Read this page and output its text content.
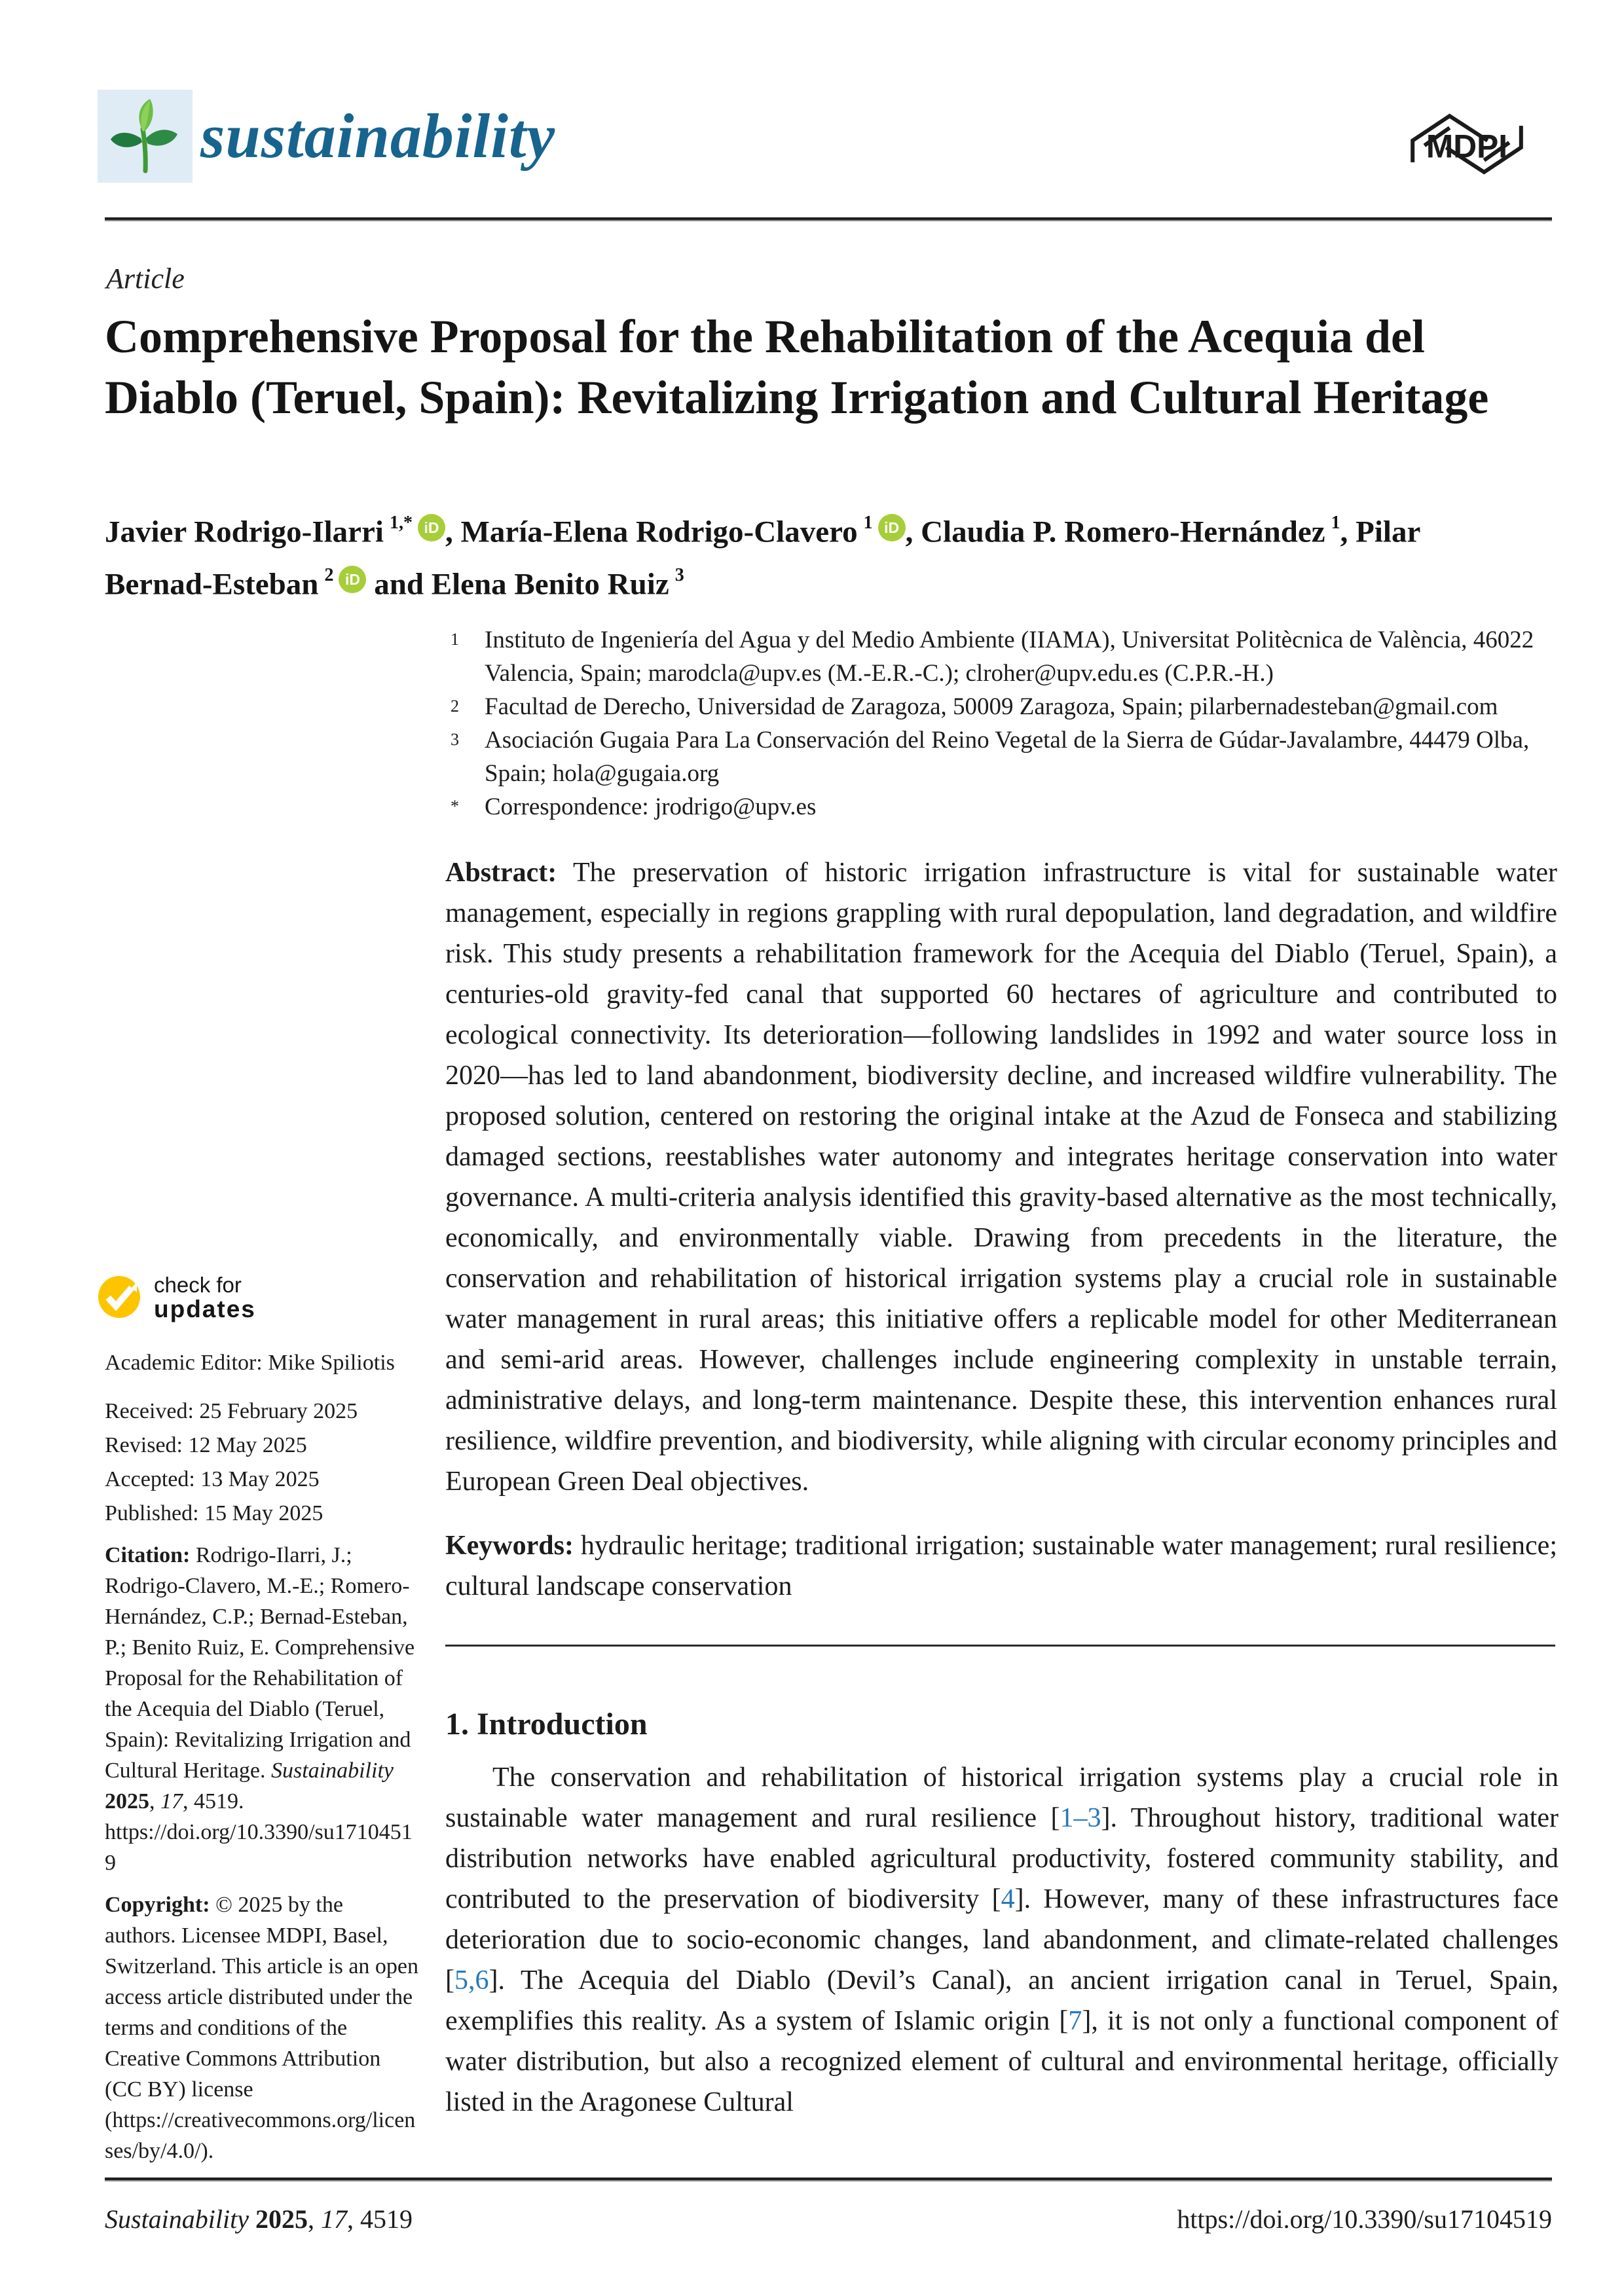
sustainability	MDPI
Article
Comprehensive Proposal for the Rehabilitation of the Acequia del Diablo (Teruel, Spain): Revitalizing Irrigation and Cultural Heritage
Javier Rodrigo-Ilarri $^{1,*}$ iD , María-Elena Rodrigo-Clavero $^1$ iD , Claudia P. Romero-Hernández $^1$, Pilar Bernad-Esteban $^2$ iD and Elena Benito Ruiz $^3$
1	Instituto de Ingeniería del Agua y del Medio Ambiente (IIAMA), Universitat Politècnica de València, 46022 Valencia, Spain; marodcla@upv.es (M.-E.R.-C.); clroher@upv.edu.es (C.P.R.-H.)
2	Facultad de Derecho, Universidad de Zaragoza, 50009 Zaragoza, Spain; pilarbernadesteban@gmail.com
3	Asociación Gugaia Para La Conservación del Reino Vegetal de la Sierra de Gúdar-Javalambre, 44479 Olba, Spain; hola@gugaia.org
*	Correspondence: jrodrigo@upv.es
Abstract: The preservation of historic irrigation infrastructure is vital for sustainable water management, especially in regions grappling with rural depopulation, land degradation, and wildfire risk. This study presents a rehabilitation framework for the Acequia del Diablo (Teruel, Spain), a centuries-old gravity-fed canal that supported 60 hectares of agriculture and contributed to ecological connectivity. Its deterioration—following landslides in 1992 and water source loss in 2020—has led to land abandonment, biodiversity decline, and increased wildfire vulnerability. The proposed solution, centered on restoring the original intake at the Azud de Fonseca and stabilizing damaged sections, reestablishes water autonomy and integrates heritage conservation into water governance. A multi-criteria analysis identified this gravity-based alternative as the most technically, economically, and environmentally viable. Drawing from precedents in the literature, the conservation and rehabilitation of historical irrigation systems play a crucial role in sustainable water management in rural areas; this initiative offers a replicable model for other Mediterranean and semi-arid areas. However, challenges include engineering complexity in unstable terrain, administrative delays, and long-term maintenance. Despite these, this intervention enhances rural resilience, wildfire prevention, and biodiversity, while aligning with circular economy principles and European Green Deal objectives.
Keywords: hydraulic heritage; traditional irrigation; sustainable water management; rural resilience; cultural landscape conservation
1. Introduction
The conservation and rehabilitation of historical irrigation systems play a crucial role in sustainable water management and rural resilience [1–3]. Throughout history, traditional water distribution networks have enabled agricultural productivity, fostered community stability, and contributed to the preservation of biodiversity [4]. However, many of these infrastructures face deterioration due to socio-economic changes, land abandonment, and climate-related challenges [5,6]. The Acequia del Diablo (Devil’s Canal), an ancient irrigation canal in Teruel, Spain, exemplifies this reality. As a system of Islamic origin [7], it is not only a functional component of water distribution, but also a recognized element of cultural and environmental heritage, officially listed in the Aragonese Cultural
check for
updates
Academic Editor: Mike Spiliotis
Received: 25 February 2025
Revised: 12 May 2025
Accepted: 13 May 2025
Published: 15 May 2025
Citation: Rodrigo-Ilarri, J.; Rodrigo-Clavero, M.-E.; Romero-Hernández, C.P.; Bernad-Esteban, P.; Benito Ruiz, E. Comprehensive Proposal for the Rehabilitation of the Acequia del Diablo (Teruel, Spain): Revitalizing Irrigation and Cultural Heritage. Sustainability 2025, 17, 4519. https://doi.org/10.3390/su17104519
Copyright: © 2025 by the authors. Licensee MDPI, Basel, Switzerland. This article is an open access article distributed under the terms and conditions of the Creative Commons Attribution (CC BY) license (https://creativecommons.org/licenses/by/4.0/).
Sustainability 2025, 17, 4519	https://doi.org/10.3390/su17104519
